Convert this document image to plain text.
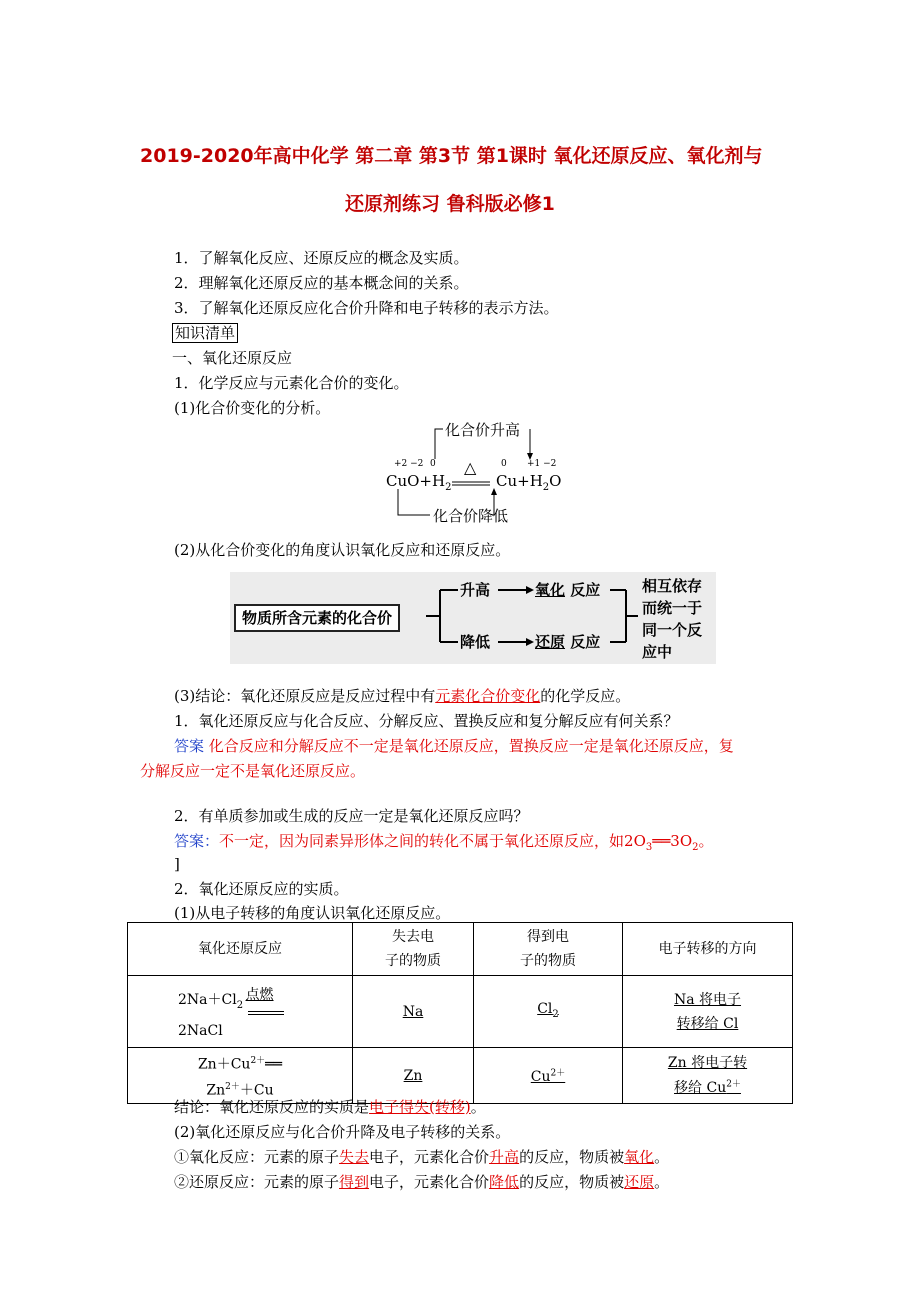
2019-2020年高中化学 第二章 第3节 第1课时 氧化还原反应、氧化剂与
还原剂练习 鲁科版必修1
1．了解氧化反应、还原反应的概念及实质。
2．理解氧化还原反应的基本概念间的关系。
3．了解氧化还原反应化合价升降和电子转移的表示方法。
知识清单
一、氧化还原反应
1．化学反应与元素化合价的变化。
(1)化合价变化的分析。
化合价升高
化合价降低
+2 −2 0 △	0 +1 −2
$CuO+H_2$	$Cu+H_2O$
(2)从化合价变化的角度认识氧化反应和还原反应。
物质所含元素的化合价
升高
降低
氧化 反应
还原 反应
相互依存
而统一于
同一个反
应中
(3)结论：氧化还原反应是反应过程中有元素化合价变化的化学反应。
1．氧化还原反应与化合反应、分解反应、置换反应和复分解反应有何关系？
答案 化合反应和分解反应不一定是氧化还原反应，置换反应一定是氧化还原反应，复
分解反应一定不是氧化还原反应。
2．有单质参加或生成的反应一定是氧化还原反应吗？
答案：不一定，因为同素异形体之间的转化不属于氧化还原反应，如$2O_3══3O_2$。
]
2．氧化还原反应的实质。
(1)从电子转移的角度认识氧化还原反应。
氧化还原反应	失去电
子的物质	得到电
子的物质	电子转移的方向

$2Na+Cl_2$
点燃
2NaCl	Na	$Cl_2$	Na 将电子
转移给 Cl
$Zn+Cu^{2+}══$
$Zn^{2+}+Cu$	Zn	$Cu^{2+}$	Zn 将电子转
移给 $Cu^{2+}$
结论：氧化还原反应的实质是电子得失(转移)。
(2)氧化还原反应与化合价升降及电子转移的关系。
①氧化反应：元素的原子失去电子，元素化合价升高的反应，物质被氧化。
②还原反应：元素的原子得到电子，元素化合价降低的反应，物质被还原。
